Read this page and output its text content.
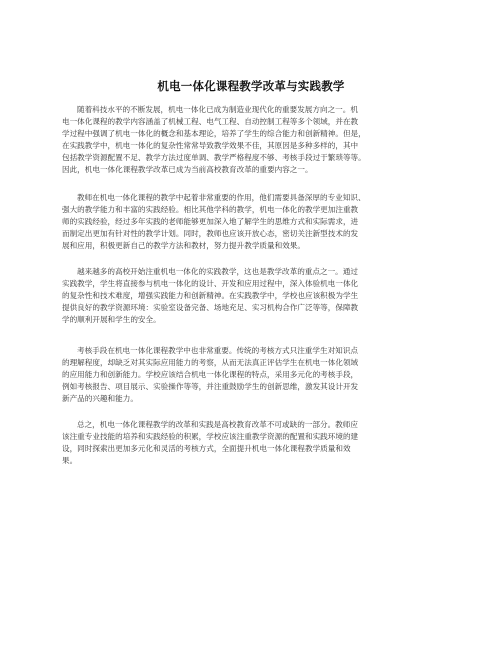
机电一体化课程教学改革与实践教学
随着科技水平的不断发展，机电一体化已成为制造业现代化的重要发展方向之一。机
电一体化课程的教学内容涵盖了机械工程、电气工程、自动控制工程等多个领域，并在教
学过程中强调了机电一体化的概念和基本理论，培养了学生的综合能力和创新精神。但是，
在实践教学中，机电一体化的复杂性常常导致教学效果不佳，其原因是多种多样的，其中
包括教学资源配置不足、教学方法过度单调、教学严格程度不够、考核手段过于繁琐等等。
因此，机电一体化课程教学改革已成为当前高校教育改革的重要内容之一。
教师在机电一体化课程的教学中起着非常重要的作用，他们需要具备深厚的专业知识、
强大的教学能力和丰富的实践经验。相比其他学科的教学，机电一体化的教学更加注重教
师的实践经验，经过多年实践的老师能够更加深入地了解学生的思维方式和实际需求，进
而制定出更加有针对性的教学计划。同时，教师也应该开放心态，密切关注新型技术的发
展和应用，积极更新自己的教学方法和教材，努力提升教学质量和效果。
越来越多的高校开始注重机电一体化的实践教学，这也是教学改革的重点之一。通过
实践教学，学生将直接参与机电一体化的设计、开发和应用过程中，深入体验机电一体化
的复杂性和技术难度，增强实践能力和创新精神。在实践教学中，学校也应该积极为学生
提供良好的教学资源环境：实验室设备完备、场地充足、实习机构合作广泛等等，保障教
学的顺利开展和学生的安全。
考核手段在机电一体化课程教学中也非常重要。传统的考核方式只注重学生对知识点
的理解程度，却缺乏对其实际应用能力的考察，从而无法真正评估学生在机电一体化领域
的应用能力和创新能力。学校应该结合机电一体化课程的特点，采用多元化的考核手段，
例如考核报告、项目展示、实验操作等等，并注重鼓励学生的创新思维，激发其设计开发
新产品的兴趣和能力。
总之，机电一体化课程教学的改革和实践是高校教育改革不可或缺的一部分。教师应
该注重专业技能的培养和实践经验的积累，学校应该注重教学资源的配置和实践环境的建
设，同时探索出更加多元化和灵活的考核方式，全面提升机电一体化课程教学质量和效
果。
